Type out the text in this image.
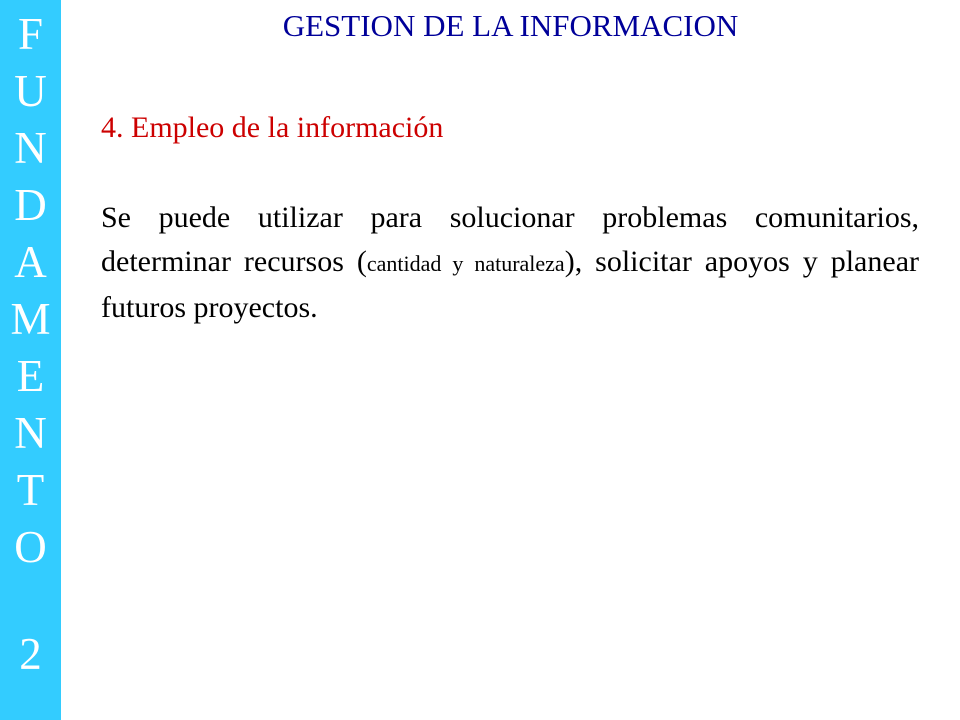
F
U
N
D
A
M
E
N
T
O
2
GESTION DE LA INFORMACION
4. Empleo de la información

Se puede utilizar para solucionar problemas comunitarios, determinar recursos (cantidad y naturaleza), solicitar apoyos y planear futuros proyectos.
